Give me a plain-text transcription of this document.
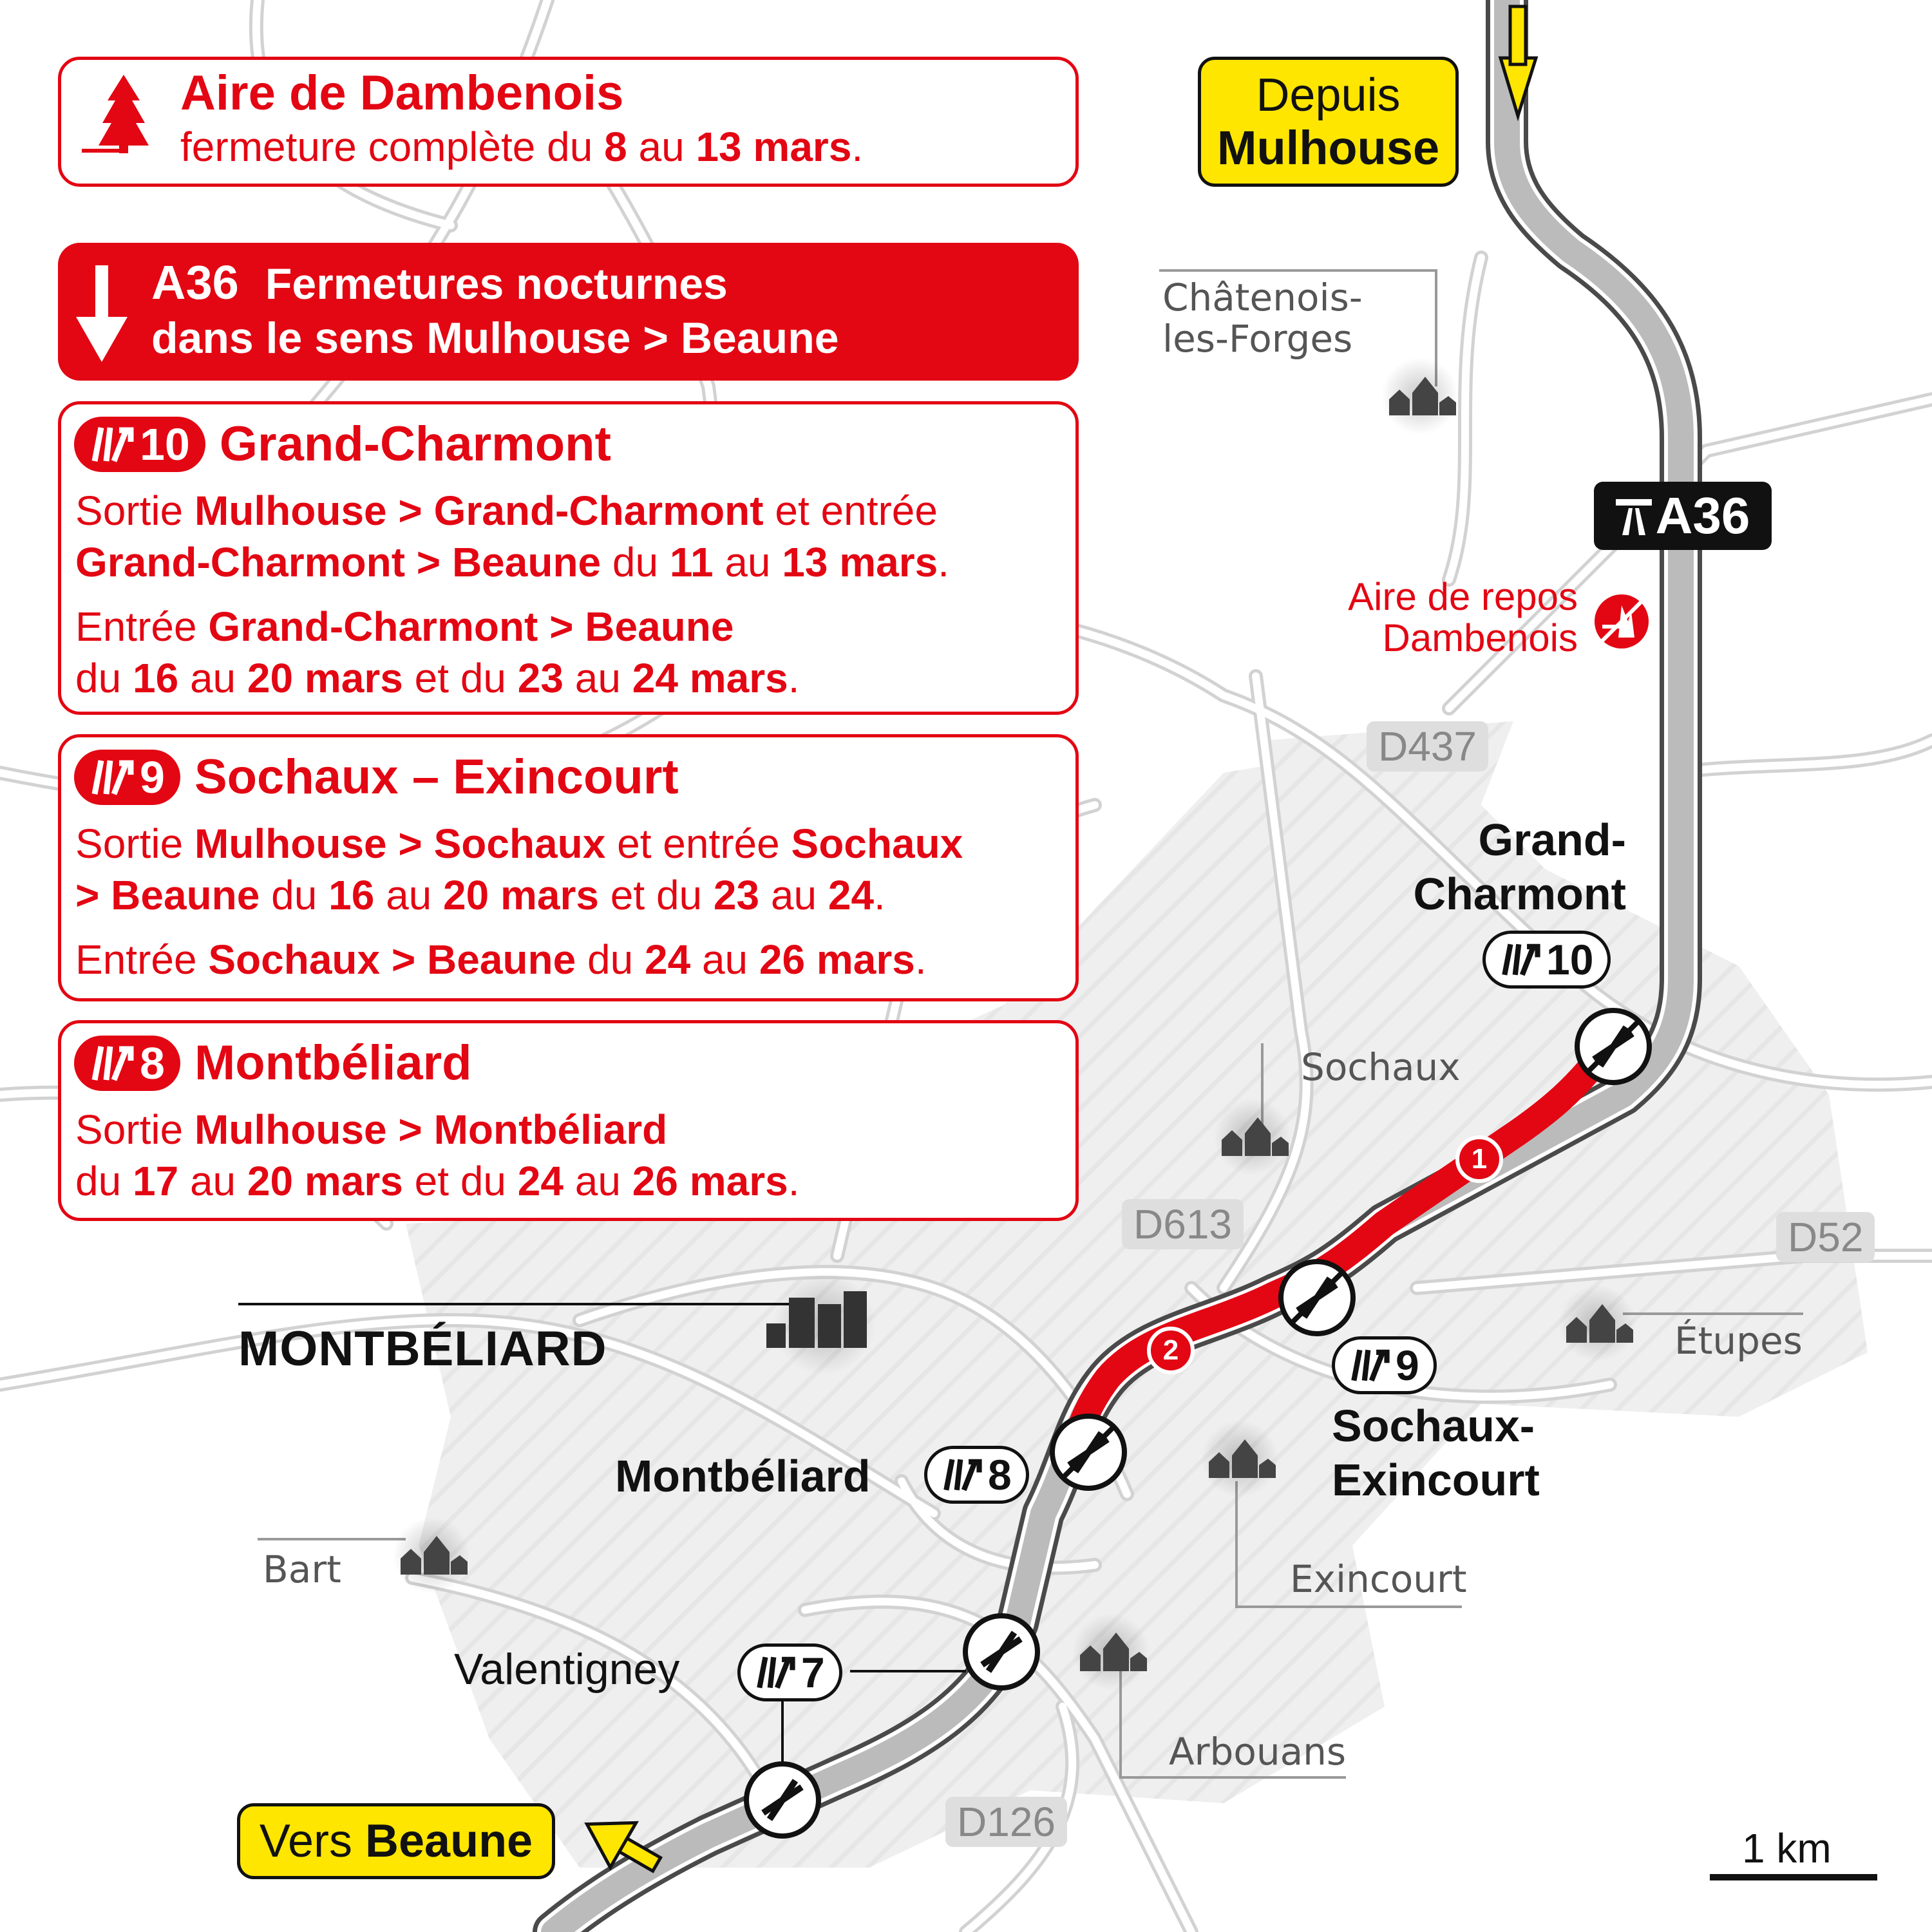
Aire de Dambenois
fermeture complète du 8 au 13 mars.
A36 Fermetures nocturnes
dans le sens Mulhouse > Beaune
10 Grand-Charmont
Sortie Mulhouse > Grand-Charmont et entrée
Grand-Charmont > Beaune du 11 au 13 mars.
Entrée Grand-Charmont > Beaune
du 16 au 20 mars et du 23 au 24 mars.
9 Sochaux – Exincourt
Sortie Mulhouse > Sochaux et entrée Sochaux
> Beaune du 16 au 20 mars et du 23 au 24.
Entrée Sochaux > Beaune du 24 au 26 mars.
8 Montbéliard
Sortie Mulhouse > Montbéliard
du 17 au 20 mars et du 24 au 26 mars.
Depuis
Mulhouse
Vers Beaune
A36
Aire de repos
Dambenois
Grand-
Charmont
10
9
Sochaux-
Exincourt
Montbéliard	8
Valentigney	7
MONTBÉLIARD
1
2
Châtenois-
les-Forges
Sochaux
Étupes
Exincourt
Arbouans
Bart
D437
D613	D52
D126
1 km
